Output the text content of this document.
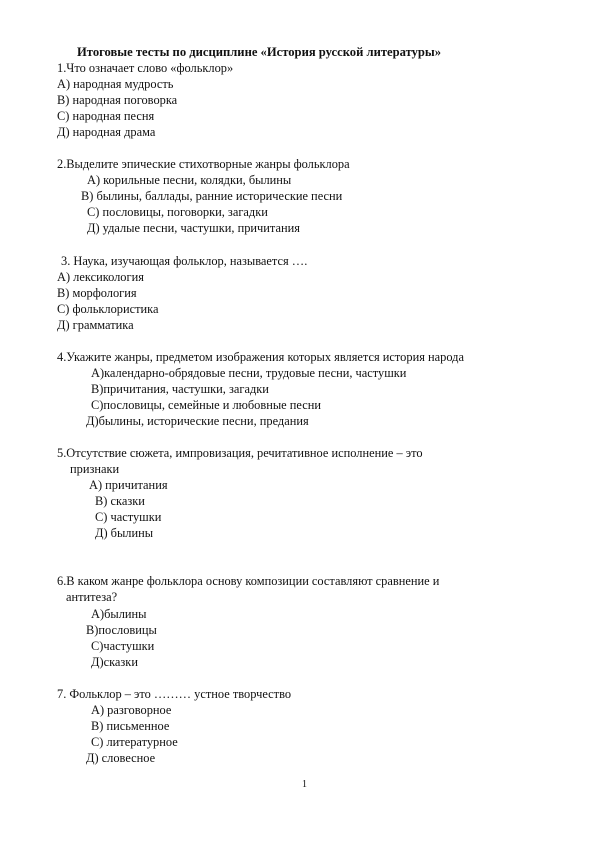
Итоговые тесты по дисциплине «История русской литературы»
1.Что означает слово «фольклор»
А) народная мудрость
В) народная поговорка
С) народная песня
Д) народная драма
2.Выделите эпические стихотворные жанры фольклора
А) корильные песни, колядки, былины
В) былины, баллады, ранние исторические песни
С) пословицы, поговорки, загадки
Д) удалые песни, частушки, причитания
3. Наука, изучающая фольклор, называется ….
А) лексикология
В) морфология
С) фольклористика
Д) грамматика
4.Укажите жанры, предметом изображения которых является история народа
А)календарно-обрядовые песни, трудовые песни, частушки
В)причитания, частушки, загадки
С)пословицы, семейные и любовные песни
Д)былины, исторические песни, предания
5.Отсутствие сюжета, импровизация, речитативное исполнение – это
признаки
А) причитания
В) сказки
С) частушки
Д) былины
6.В каком жанре фольклора основу композиции составляют сравнение и
антитеза?
А)былины
В)пословицы
С)частушки
Д)сказки
7. Фольклор – это ……… устное творчество
А) разговорное
В) письменное
С) литературное
Д) словесное
1
